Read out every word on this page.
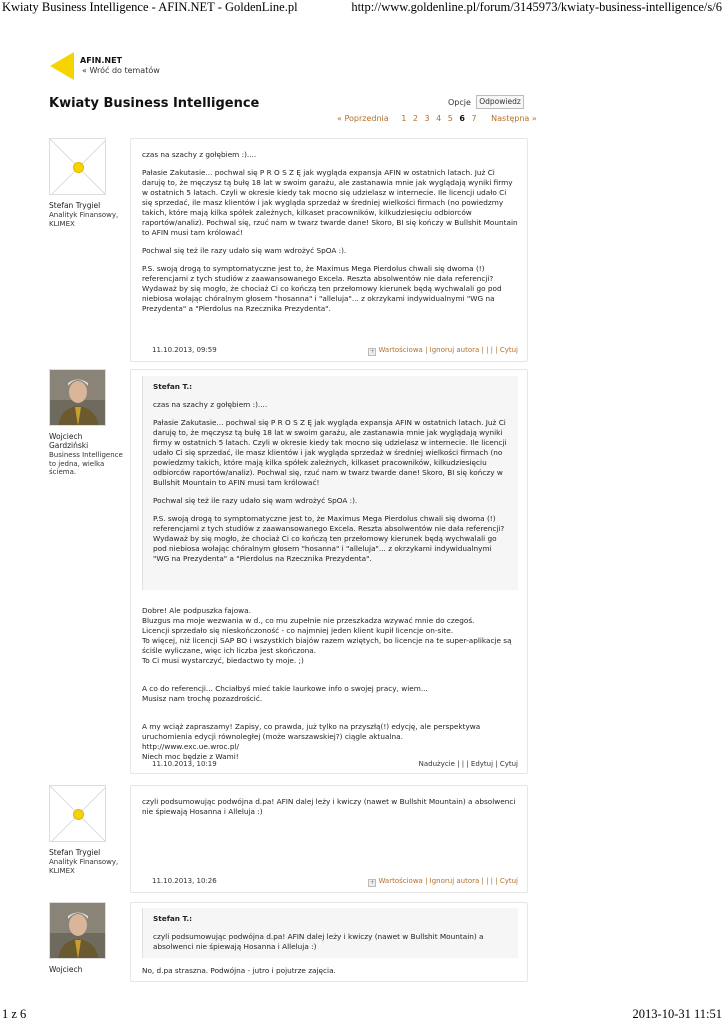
Kwiaty Business Intelligence - AFIN.NET - GoldenLine.pl	http://www.goldenline.pl/forum/3145973/kwiaty-business-intelligence/s/6
1 z 6	2013-10-31 11:51
AFIN.NET
« Wróć do tematów
Kwiaty Business Intelligence	Opcje	Odpowiedz
« Poprzednia 1 2 3 4 5 6 7 Następna »
Stefan Trygiel
Analityk Finansowy, KLIMEX

czas na szachy z gołębiem :)....

Pałasie Zakutasie... pochwal się P R O S Z Ę jak wygląda expansja AFIN w ostatnich latach. Już Ci daruję to, że męczysz tą bułę 18 lat w swoim garażu, ale zastanawia mnie jak wyglądają wyniki firmy w ostatnich 5 latach. Czyli w okresie kiedy tak mocno się udzielasz w internecie. Ile licencji udało Ci się sprzedać, ile masz klientów i jak wygląda sprzedaż w średniej wielkości firmach (no powiedzmy takich, które mają kilka spółek zależnych, kilkaset pracowników, kilkudziesięciu odbiorców raportów/analiz). Pochwal się, rzuć nam w twarz twarde dane! Skoro, BI się kończy w Bullshit Mountain to AFIN musi tam królować!

Pochwal się też ile razy udało się wam wdrożyć SpOA :).

P.S. swoją drogą to symptomatyczne jest to, że Maximus Mega Pierdolus chwali się dwoma (!) referencjami z tych studiów z zaawansowanego Excela. Reszta absolwentów nie dała referencji? Wydaważ by się mogło, że chociaż Ci co kończą ten przełomowy kierunek będą wychwalali go pod niebiosa wołając chóralnym głosem "hosanna" i "alleluja"... z okrzykami indywidualnymi "WG na Prezydenta" a "Pierdolus na Rzecznika Prezydenta".

11.10.2013, 09:59	+ Wartościowa | Ignoruj autora | | | | Cytuj
Wojciech Gardziński
Business Intelligence to jedna, wielka ściema.
Stefan T.:

czas na szachy z gołębiem :)....

Pałasie Zakutasie... pochwal się P R O S Z Ę jak wygląda expansja AFIN w ostatnich latach. Już Ci daruję to, że męczysz tą bułę 18 lat w swoim garażu, ale zastanawia mnie jak wyglądają wyniki firmy w ostatnich 5 latach. Czyli w okresie kiedy tak mocno się udzielasz w internecie. Ile licencji udało Ci się sprzedać, ile masz klientów i jak wygląda sprzedaż w średniej wielkości firmach (no powiedzmy takich, które mają kilka spółek zależnych, kilkaset pracowników, kilkudziesięciu odbiorców raportów/analiz). Pochwal się, rzuć nam w twarz twarde dane! Skoro, BI się kończy w Bullshit Mountain to AFIN musi tam królować!

Pochwal się też ile razy udało się wam wdrożyć SpOA :).

P.S. swoją drogą to symptomatyczne jest to, że Maximus Mega Pierdolus chwali się dwoma (!) referencjami z tych studiów z zaawansowanego Excela. Reszta absolwentów nie dała referencji? Wydaważ by się mogło, że chociaż Ci co kończą ten przełomowy kierunek będą wychwalali go pod niebiosa wołając chóralnym głosem "hosanna" i "alleluja"... z okrzykami indywidualnymi "WG na Prezydenta" a "Pierdolus na Rzecznika Prezydenta".

Dobre! Ale podpuszka fajowa.
Bluzgus ma moje wezwania w d., co mu zupełnie nie przeszkadza wzywać mnie do czegoś.
Licencji sprzedało się nieskończoność - co najmniej jeden klient kupił licencje on-site.
To więcej, niż licencji SAP BO i wszystkich biajów razem wziętych, bo licencje na te super-aplikacje są ściśle wyliczane, więc ich liczba jest skończona.
To Ci musi wystarczyć, biedactwo ty moje. ;)

A co do referencji... Chciałbyś mieć takie laurkowe info o swojej pracy, wiem...
Musisz nam trochę pozazdrościć.

A my wciąż zapraszamy! Zapisy, co prawda, już tylko na przyszłą(!) edycję, ale perspektywa uruchomienia edycji równoległej (może warszawskiej?) ciągle aktualna.
http://www.exc.ue.wroc.pl/
Niech moc będzie z Wami!

11.10.2013, 10:19	Nadużycie | | | Edytuj | Cytuj
Stefan Trygiel
Analityk Finansowy, KLIMEX

czyli podsumowując podwójna d.pa! AFIN dalej leży i kwiczy (nawet w Bullshit Mountain) a absolwenci nie śpiewają Hosanna i Alleluja :)

11.10.2013, 10:26	+ Wartościowa | Ignoruj autora | | | | Cytuj
Wojciech
Stefan T.:

czyli podsumowując podwójna d.pa! AFIN dalej leży i kwiczy (nawet w Bullshit Mountain) a absolwenci nie śpiewają Hosanna i Alleluja :)

No, d.pa straszna. Podwójna - jutro i pojutrze zajęcia.
